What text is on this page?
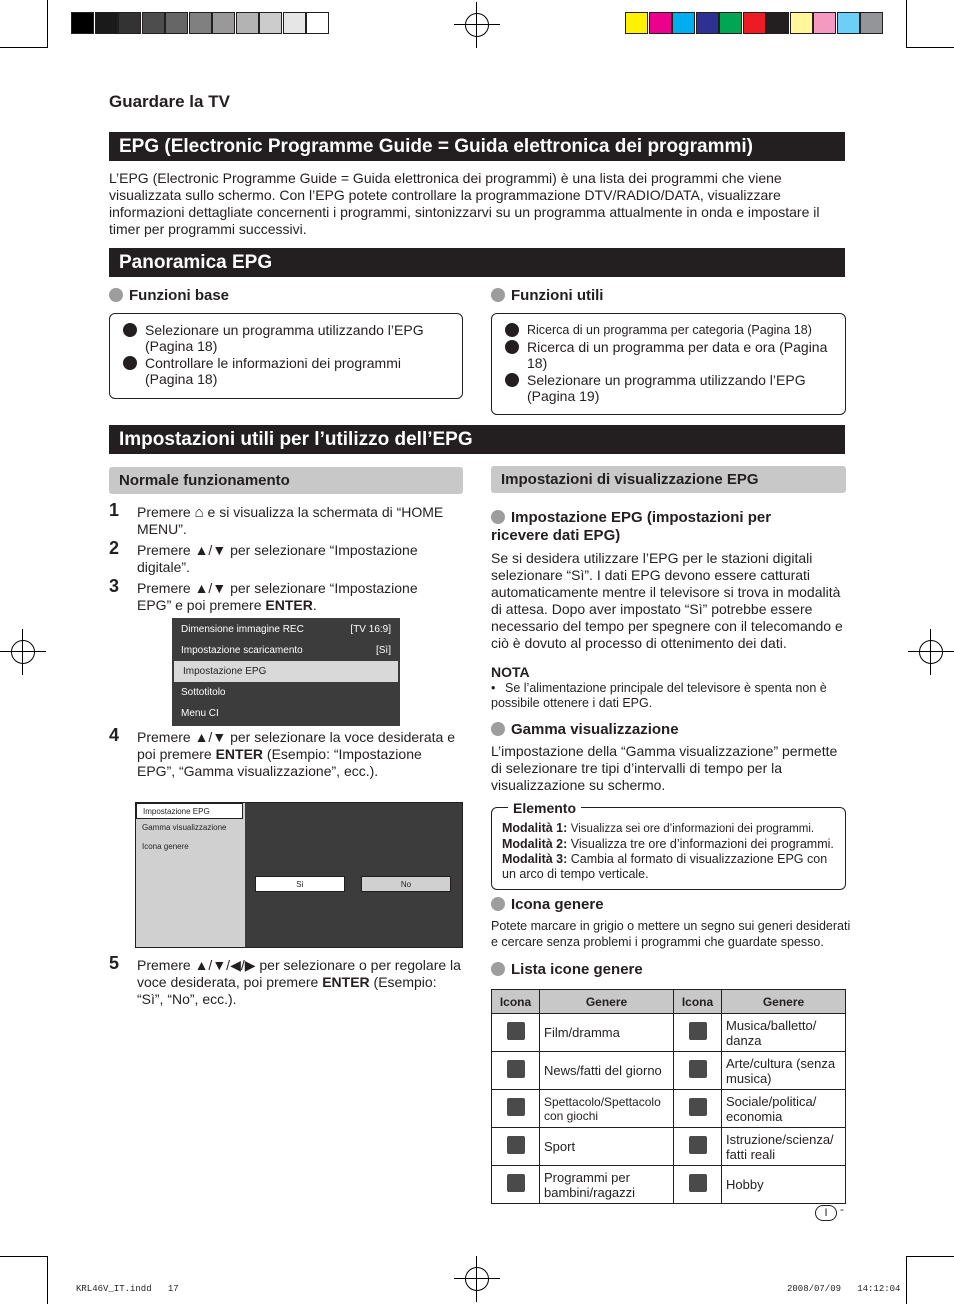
Guardare la TV
EPG (Electronic Programme Guide = Guida elettronica dei programmi)
L’EPG (Electronic Programme Guide = Guida elettronica dei programmi) è una lista dei programmi che viene visualizzata sullo schermo. Con l’EPG potete controllare la programmazione DTV/RADIO/DATA, visualizzare informazioni dettagliate concernenti i programmi, sintonizzarvi su un programma attualmente in onda e impostare il timer per programmi successivi.
Panoramica EPG
Funzioni base
Selezionare un programma utilizzando l’EPG (Pagina 18)
Controllare le informazioni dei programmi (Pagina 18)
Funzioni utili
Ricerca di un programma per categoria (Pagina 18)
Ricerca di un programma per data e ora (Pagina 18)
Selezionare un programma utilizzando l’EPG (Pagina 19)
Impostazioni utili per l’utilizzo dell’EPG
Normale funzionamento
1 Premere ⌂ e si visualizza la schermata di “HOME MENU”.
2 Premere ▲/▼ per selezionare “Impostazione digitale”.
3 Premere ▲/▼ per selezionare “Impostazione EPG” e poi premere ENTER.
Dimensione immagine REC	[TV 16:9]
Impostazione scaricamento	[Sì]
Impostazione EPG
Sottotitolo
Menu CI
4 Premere ▲/▼ per selezionare la voce desiderata e poi premere ENTER (Esempio: “Impostazione EPG”, “Gamma visualizzazione”, ecc.).
Impostazione EPG
Gamma visualizzazione
Icona genere
Sì	No
5 Premere ▲/▼/◀/▶ per selezionare o per regolare la voce desiderata, poi premere ENTER (Esempio: “Sì”, “No”, ecc.).
Impostazioni di visualizzazione EPG
Impostazione EPG (impostazioni per ricevere dati EPG)
Se si desidera utilizzare l’EPG per le stazioni digitali selezionare “Sì”. I dati EPG devono essere catturati automaticamente mentre il televisore si trova in modalità di attesa. Dopo aver impostato “Sì” potrebbe essere necessario del tempo per spegnere con il telecomando e ciò è dovuto al processo di ottenimento dei dati.
NOTA
• Se l’alimentazione principale del televisore è spenta non è possibile ottenere i dati EPG.
Gamma visualizzazione
L’impostazione della “Gamma visualizzazione” permette di selezionare tre tipi d’intervalli di tempo per la visualizzazione su schermo.
Elemento
Modalità 1: Visualizza sei ore d’informazioni dei programmi.
Modalità 2: Visualizza tre ore d’informazioni dei programmi.
Modalità 3: Cambia al formato di visualizzazione EPG con un arco di tempo verticale.
Icona genere
Potete marcare in grigio o mettere un segno sui generi desiderati e cercare senza problemi i programmi che guardate spesso.
Lista icone genere
Icona	Genere	Icona	Genere
	Film/dramma		Musica/balletto/ danza
	News/fatti del giorno		Arte/cultura (senza musica)
	Spettacolo/Spettacolo con giochi		Sociale/politica/ economia
	Sport		Istruzione/scienza/ fatti reali
	Programmi per bambini/ragazzi		Hobby
I	-
KRL46V_IT.indd   17	2008/07/09   14:12:04
